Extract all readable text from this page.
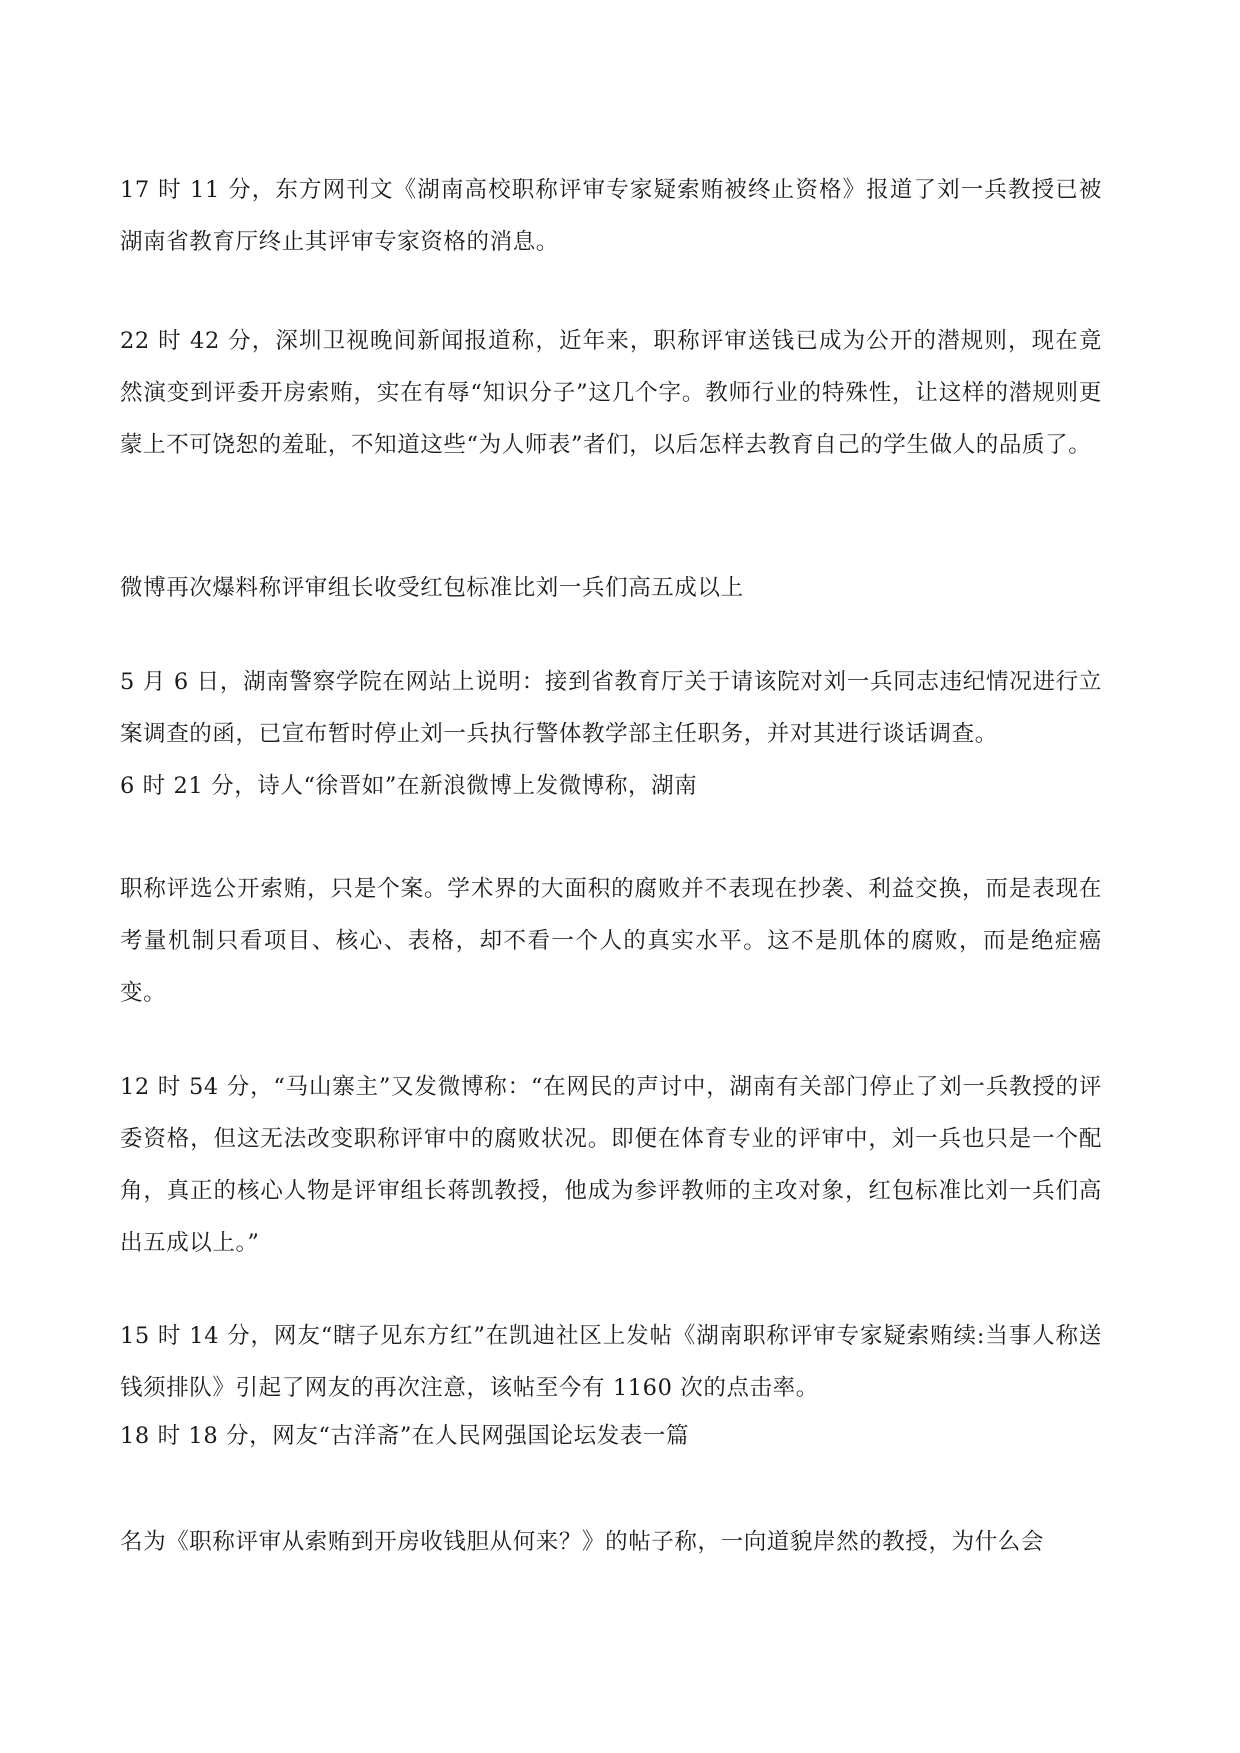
17 时 11 分，东方网刊文《湖南高校职称评审专家疑索贿被终止资格》报道了刘一兵教授已被湖南省教育厅终止其评审专家资格的消息。

22 时 42 分，深圳卫视晚间新闻报道称，近年来，职称评审送钱已成为公开的潜规则，现在竟然演变到评委开房索贿，实在有辱“知识分子”这几个字。教师行业的特殊性，让这样的潜规则更蒙上不可饶恕的羞耻，不知道这些“为人师表”者们，以后怎样去教育自己的学生做人的品质了。

微博再次爆料称评审组长收受红包标准比刘一兵们高五成以上

5 月 6 日，湖南警察学院在网站上说明：接到省教育厅关于请该院对刘一兵同志违纪情况进行立案调查的函，已宣布暂时停止刘一兵执行警体教学部主任职务，并对其进行谈话调查。

6 时 21 分，诗人“徐晋如”在新浪微博上发微博称，湖南

职称评选公开索贿，只是个案。学术界的大面积的腐败并不表现在抄袭、利益交换，而是表现在考量机制只看项目、核心、表格，却不看一个人的真实水平。这不是肌体的腐败，而是绝症癌变。

12 时 54 分，“马山寨主”又发微博称：“在网民的声讨中，湖南有关部门停止了刘一兵教授的评委资格，但这无法改变职称评审中的腐败状况。即便在体育专业的评审中，刘一兵也只是一个配角，真正的核心人物是评审组长蒋凯教授，他成为参评教师的主攻对象，红包标准比刘一兵们高出五成以上。”

15 时 14 分，网友“瞎子见东方红”在凯迪社区上发帖《湖南职称评审专家疑索贿续:当事人称送钱须排队》引起了网友的再次注意，该帖至今有 1160 次的点击率。

18 时 18 分，网友“古洋斋”在人民网强国论坛发表一篇

名为《职称评审从索贿到开房收钱胆从何来？》的帖子称，一向道貌岸然的教授，为什么会
